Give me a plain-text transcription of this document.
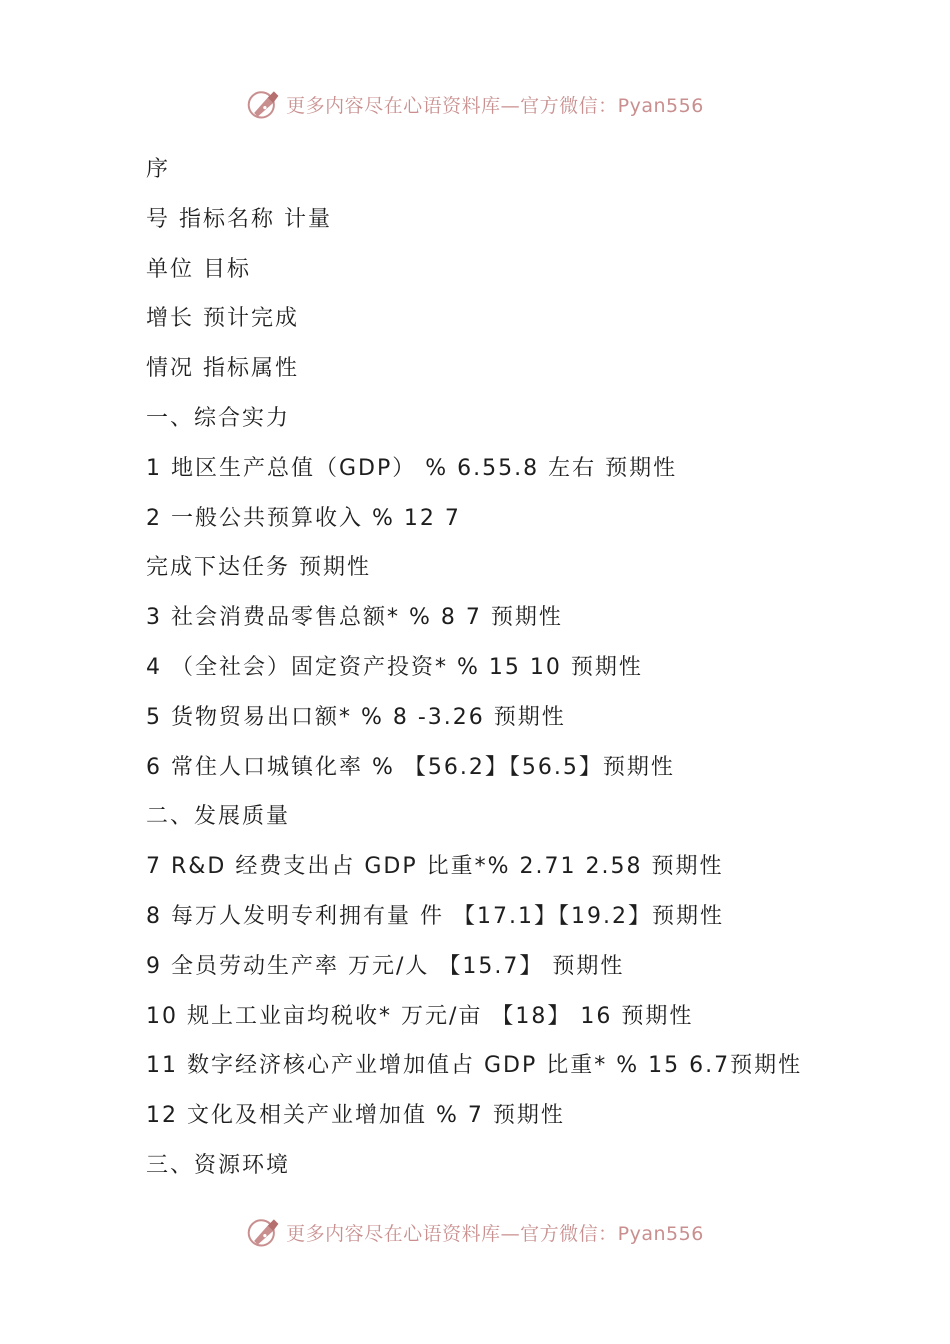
更多内容尽在心语资料库—官方微信：Pyan556
序
号 指标名称 计量
单位 目标
增长 预计完成
情况 指标属性
一、综合实力
1 地区生产总值（GDP） % 6.55.8 左右 预期性
2 一般公共预算收入 % 12 7
完成下达任务 预期性
3 社会消费品零售总额* % 8 7 预期性
4 （全社会）固定资产投资* % 15 10 预期性
5 货物贸易出口额* % 8 -3.26 预期性
6 常住人口城镇化率 % 【56.2】【56.5】预期性
二、发展质量
7 R&D 经费支出占 GDP 比重*% 2.71 2.58 预期性
8 每万人发明专利拥有量 件 【17.1】【19.2】预期性
9 全员劳动生产率 万元/人 【15.7】 预期性
10 规上工业亩均税收* 万元/亩 【18】 16 预期性
11 数字经济核心产业增加值占 GDP 比重* % 15 6.7预期性
12 文化及相关产业增加值 % 7 预期性
三、资源环境
更多内容尽在心语资料库—官方微信：Pyan556
